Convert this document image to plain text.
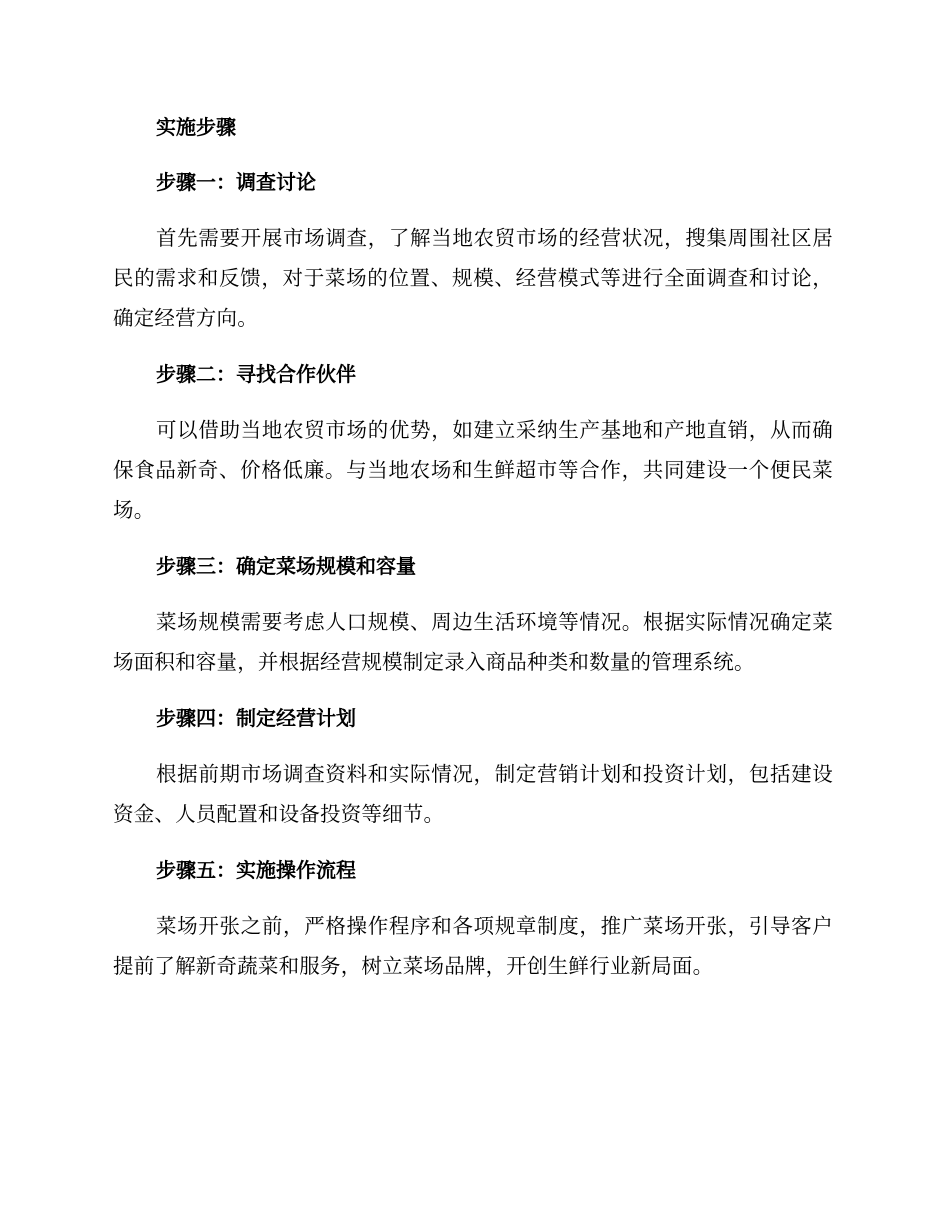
实施步骤
步骤一：调查讨论

首先需要开展市场调查，了解当地农贸市场的经营状况，搜集周围社区居民的需求和反馈，对于菜场的位置、规模、经营模式等进行全面调查和讨论，确定经营方向。

步骤二：寻找合作伙伴

可以借助当地农贸市场的优势，如建立采纳生产基地和产地直销，从而确保食品新奇、价格低廉。与当地农场和生鲜超市等合作，共同建设一个便民菜场。

步骤三：确定菜场规模和容量

菜场规模需要考虑人口规模、周边生活环境等情况。根据实际情况确定菜场面积和容量，并根据经营规模制定录入商品种类和数量的管理系统。

步骤四：制定经营计划

根据前期市场调查资料和实际情况，制定营销计划和投资计划，包括建设资金、人员配置和设备投资等细节。

步骤五：实施操作流程

菜场开张之前，严格操作程序和各项规章制度，推广菜场开张，引导客户提前了解新奇蔬菜和服务，树立菜场品牌，开创生鲜行业新局面。
